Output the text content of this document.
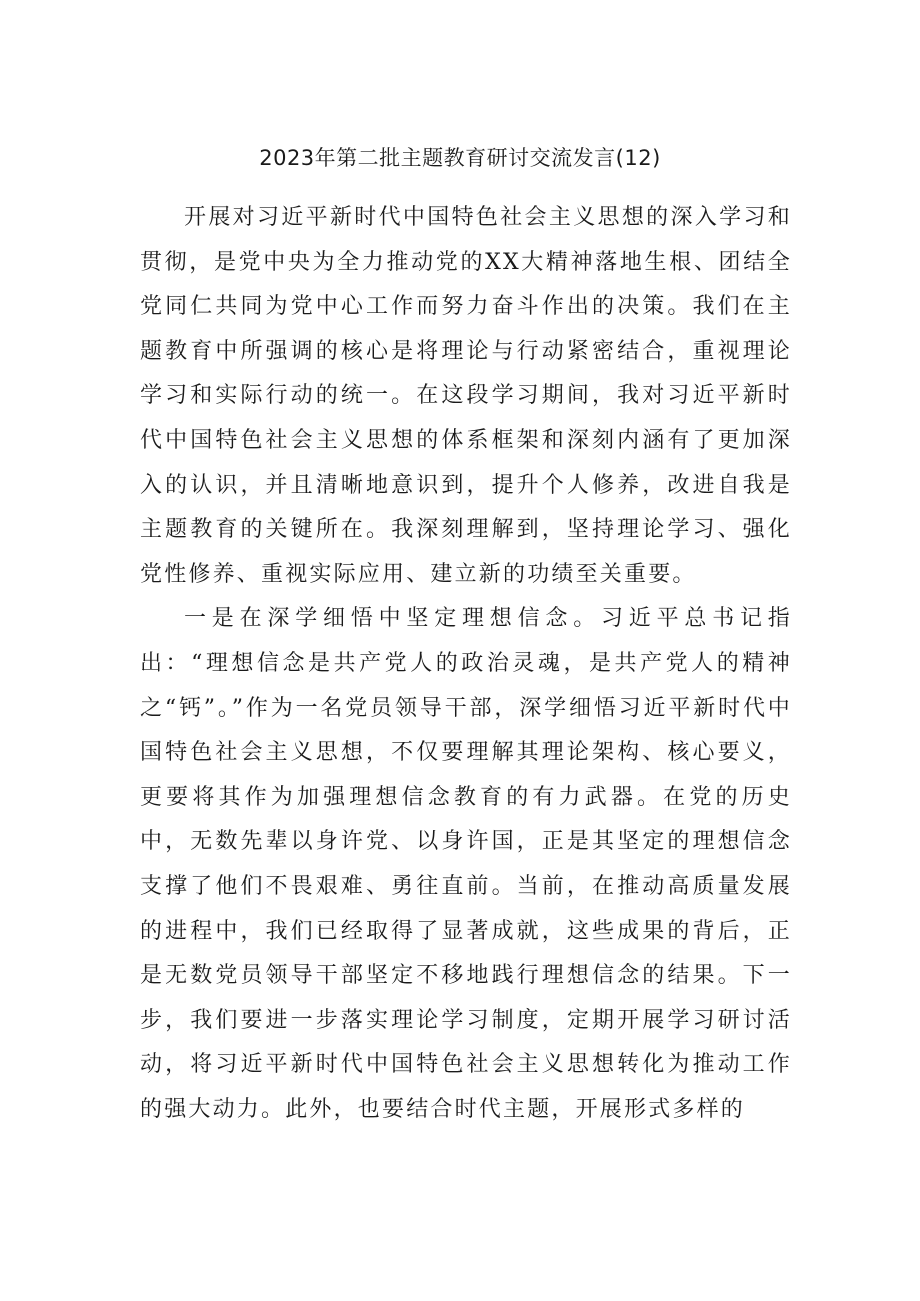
2023年第二批主题教育研讨交流发言(12)

开展对习近平新时代中国特色社会主义思想的深入学习和贯彻，是党中央为全力推动党的XX大精神落地生根、团结全党同仁共同为党中心工作而努力奋斗作出的决策。我们在主题教育中所强调的核心是将理论与行动紧密结合，重视理论学习和实际行动的统一。在这段学习期间，我对习近平新时代中国特色社会主义思想的体系框架和深刻内涵有了更加深入的认识，并且清晰地意识到，提升个人修养，改进自我是主题教育的关键所在。我深刻理解到，坚持理论学习、强化党性修养、重视实际应用、建立新的功绩至关重要。

一是在深学细悟中坚定理想信念。习近平总书记指出：“理想信念是共产党人的政治灵魂，是共产党人的精神之“钙”。”作为一名党员领导干部，深学细悟习近平新时代中国特色社会主义思想，不仅要理解其理论架构、核心要义，更要将其作为加强理想信念教育的有力武器。在党的历史中，无数先辈以身许党、以身许国，正是其坚定的理想信念支撑了他们不畏艰难、勇往直前。当前，在推动高质量发展的进程中，我们已经取得了显著成就，这些成果的背后，正是无数党员领导干部坚定不移地践行理想信念的结果。下一步，我们要进一步落实理论学习制度，定期开展学习研讨活动，将习近平新时代中国特色社会主义思想转化为推动工作的强大动力。此外，也要结合时代主题，开展形式多样的
